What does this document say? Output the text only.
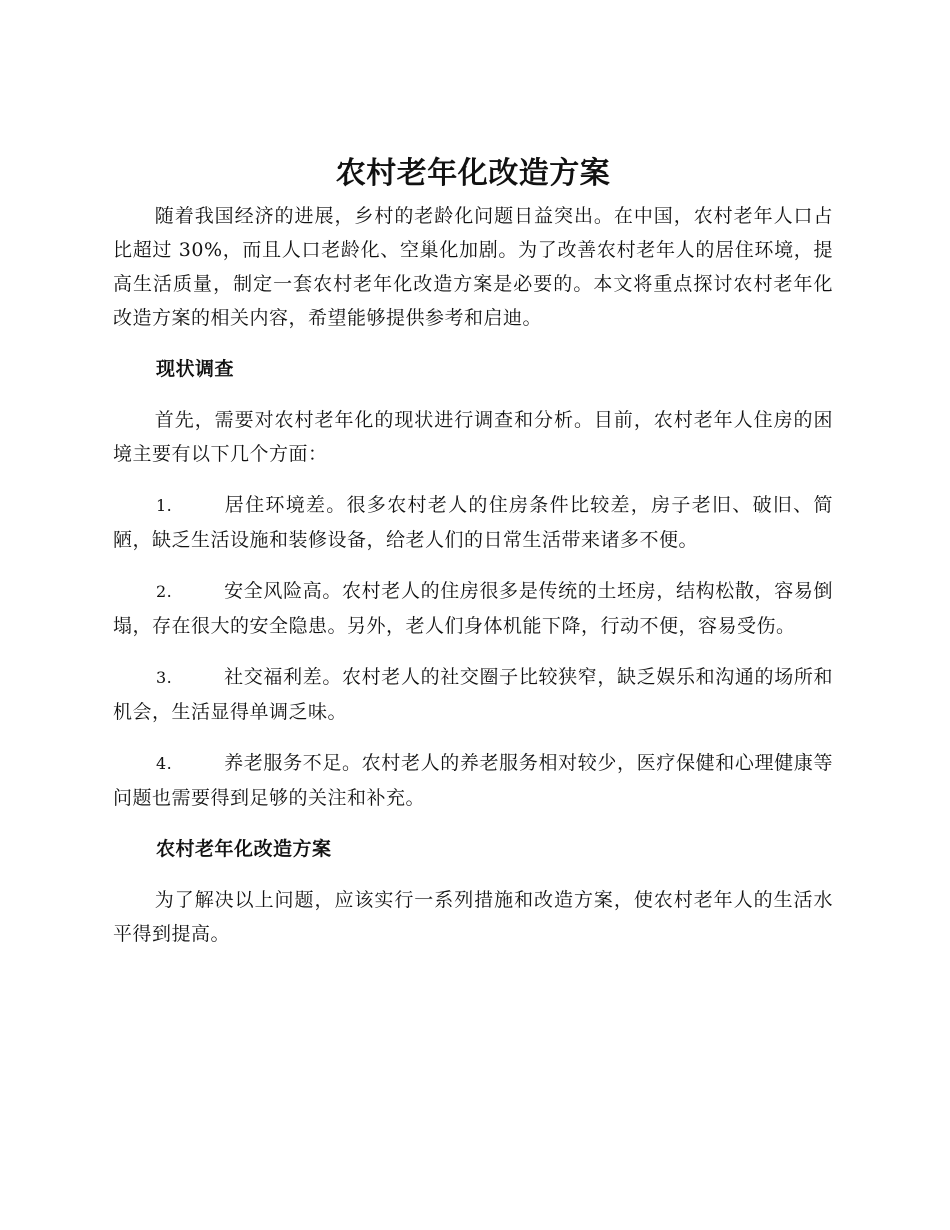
农村老年化改造方案

随着我国经济的进展，乡村的老龄化问题日益突出。在中国，农村老年人口占比超过 30%，而且人口老龄化、空巢化加剧。为了改善农村老年人的居住环境，提高生活质量，制定一套农村老年化改造方案是必要的。本文将重点探讨农村老年化改造方案的相关内容，希望能够提供参考和启迪。

现状调查

首先，需要对农村老年化的现状进行调查和分析。目前，农村老年人住房的困境主要有以下几个方面：

1.	居住环境差。很多农村老人的住房条件比较差，房子老旧、破旧、简陋，缺乏生活设施和装修设备，给老人们的日常生活带来诸多不便。

2.	安全风险高。农村老人的住房很多是传统的土坯房，结构松散，容易倒塌，存在很大的安全隐患。另外，老人们身体机能下降，行动不便，容易受伤。

3.	社交福利差。农村老人的社交圈子比较狭窄，缺乏娱乐和沟通的场所和机会，生活显得单调乏味。

4.	养老服务不足。农村老人的养老服务相对较少，医疗保健和心理健康等问题也需要得到足够的关注和补充。

农村老年化改造方案

为了解决以上问题，应该实行一系列措施和改造方案，使农村老年人的生活水平得到提高。
